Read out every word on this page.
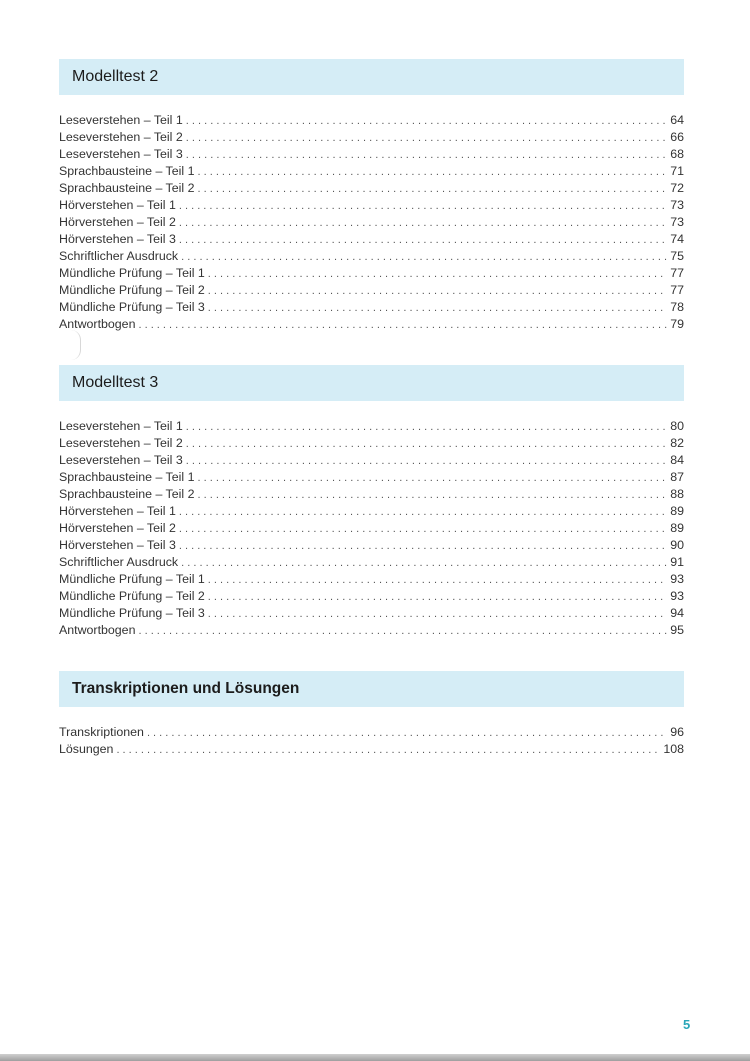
Modelltest 2
Leseverstehen – Teil 1 . . .	64
Leseverstehen – Teil 2 . . .	66
Leseverstehen – Teil 3 . . .	68
Sprachbausteine – Teil 1 . . .	71
Sprachbausteine – Teil 2 . . .	72
Hörverstehen – Teil 1 . . .	73
Hörverstehen – Teil 2 . . .	73
Hörverstehen – Teil 3 . . .	74
Schriftlicher Ausdruck . . .	75
Mündliche Prüfung – Teil 1 . . .	77
Mündliche Prüfung – Teil 2 . . .	77
Mündliche Prüfung – Teil 3 . . .	78
Antwortbogen . . .	79
Modelltest 3
Leseverstehen – Teil 1 . . .	80
Leseverstehen – Teil 2 . . .	82
Leseverstehen – Teil 3 . . .	84
Sprachbausteine – Teil 1 . . .	87
Sprachbausteine – Teil 2 . . .	88
Hörverstehen – Teil 1 . . .	89
Hörverstehen – Teil 2 . . .	89
Hörverstehen – Teil 3 . . .	90
Schriftlicher Ausdruck . . .	91
Mündliche Prüfung – Teil 1 . . .	93
Mündliche Prüfung – Teil 2 . . .	93
Mündliche Prüfung – Teil 3 . . .	94
Antwortbogen . . .	95
Transkriptionen und Lösungen
Transkriptionen . . .	96
Lösungen . . .	108
5
